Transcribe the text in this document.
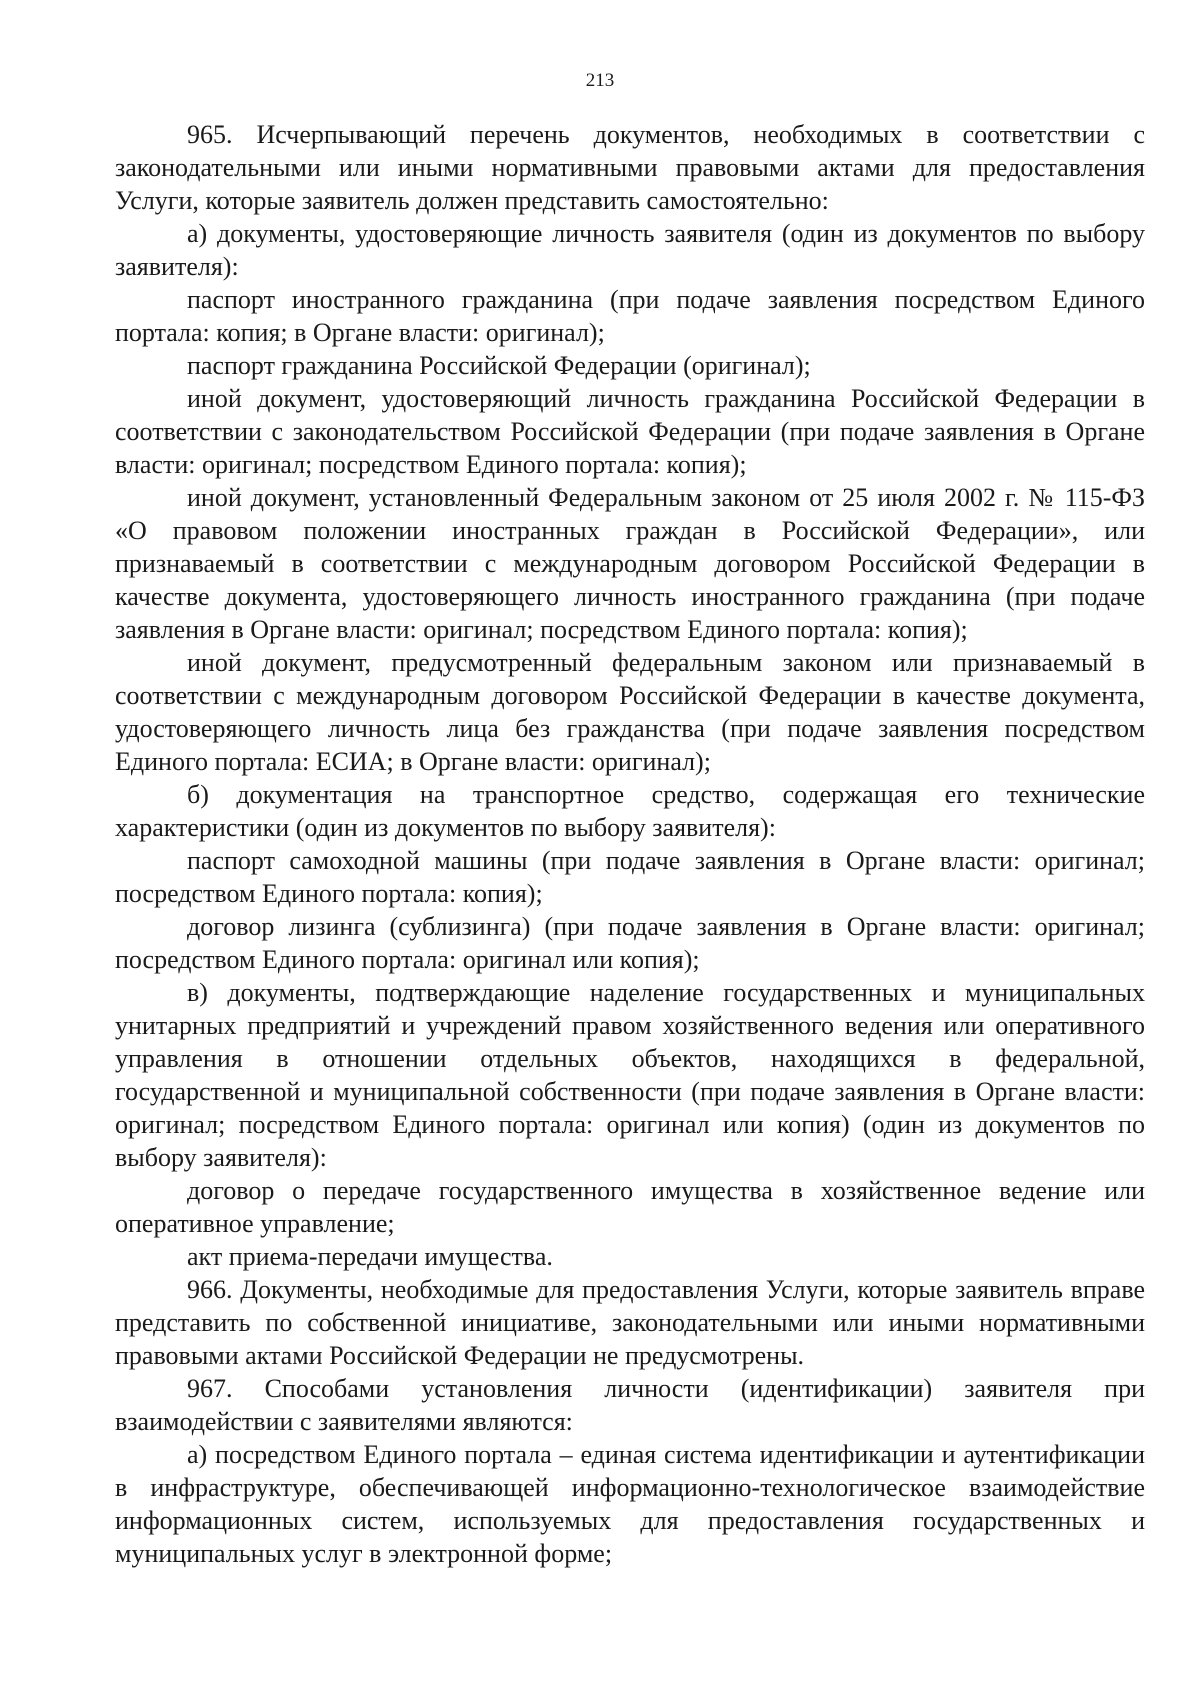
213

965. Исчерпывающий перечень документов, необходимых в соответствии с законодательными или иными нормативными правовыми актами для предоставления Услуги, которые заявитель должен представить самостоятельно:

а) документы, удостоверяющие личность заявителя (один из документов по выбору заявителя):

паспорт иностранного гражданина (при подаче заявления посредством Единого портала: копия; в Органе власти: оригинал);

паспорт гражданина Российской Федерации (оригинал);

иной документ, удостоверяющий личность гражданина Российской Федерации в соответствии с законодательством Российской Федерации (при подаче заявления в Органе власти: оригинал; посредством Единого портала: копия);

иной документ, установленный Федеральным законом от 25 июля 2002 г. № 115-ФЗ «О правовом положении иностранных граждан в Российской Федерации», или признаваемый в соответствии с международным договором Российской Федерации в качестве документа, удостоверяющего личность иностранного гражданина (при подаче заявления в Органе власти: оригинал; посредством Единого портала: копия);

иной документ, предусмотренный федеральным законом или признаваемый в соответствии с международным договором Российской Федерации в качестве документа, удостоверяющего личность лица без гражданства (при подаче заявления посредством Единого портала: ЕСИА; в Органе власти: оригинал);

б) документация на транспортное средство, содержащая его технические характеристики (один из документов по выбору заявителя):

паспорт самоходной машины (при подаче заявления в Органе власти: оригинал; посредством Единого портала: копия);

договор лизинга (сублизинга) (при подаче заявления в Органе власти: оригинал; посредством Единого портала: оригинал или копия);

в) документы, подтверждающие наделение государственных и муниципальных унитарных предприятий и учреждений правом хозяйственного ведения или оперативного управления в отношении отдельных объектов, находящихся в федеральной, государственной и муниципальной собственности (при подаче заявления в Органе власти: оригинал; посредством Единого портала: оригинал или копия) (один из документов по выбору заявителя):

договор о передаче государственного имущества в хозяйственное ведение или оперативное управление;

акт приема-передачи имущества.

966. Документы, необходимые для предоставления Услуги, которые заявитель вправе представить по собственной инициативе, законодательными или иными нормативными правовыми актами Российской Федерации не предусмотрены.

967. Способами установления личности (идентификации) заявителя при взаимодействии с заявителями являются:

а) посредством Единого портала – единая система идентификации и аутентификации в инфраструктуре, обеспечивающей информационно-технологическое взаимодействие информационных систем, используемых для предоставления государственных и муниципальных услуг в электронной форме;
